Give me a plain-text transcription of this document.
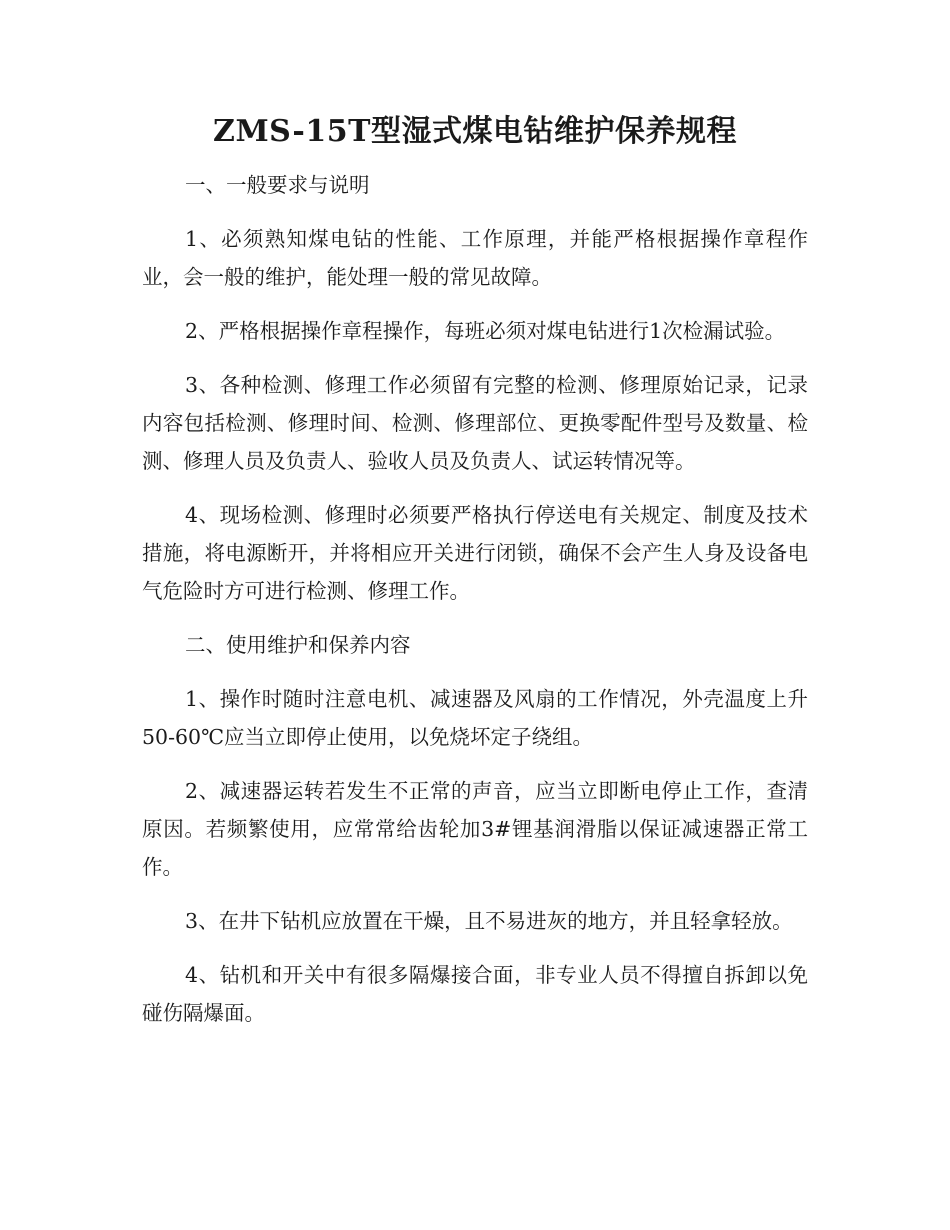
ZMS-15T型湿式煤电钻维护保养规程

一、一般要求与说明

1、必须熟知煤电钻的性能、工作原理，并能严格根据操作章程作业，会一般的维护，能处理一般的常见故障。

2、严格根据操作章程操作，每班必须对煤电钻进行1次检漏试验。

3、各种检测、修理工作必须留有完整的检测、修理原始记录，记录内容包括检测、修理时间、检测、修理部位、更换零配件型号及数量、检测、修理人员及负责人、验收人员及负责人、试运转情况等。

4、现场检测、修理时必须要严格执行停送电有关规定、制度及技术措施，将电源断开，并将相应开关进行闭锁，确保不会产生人身及设备电气危险时方可进行检测、修理工作。

二、使用维护和保养内容

1、操作时随时注意电机、减速器及风扇的工作情况，外壳温度上升50-60℃应当立即停止使用，以免烧坏定子绕组。

2、减速器运转若发生不正常的声音，应当立即断电停止工作，查清原因。若频繁使用，应常常给齿轮加3#锂基润滑脂以保证减速器正常工作。

3、在井下钻机应放置在干燥，且不易进灰的地方，并且轻拿轻放。

4、钻机和开关中有很多隔爆接合面，非专业人员不得擅自拆卸以免碰伤隔爆面。
